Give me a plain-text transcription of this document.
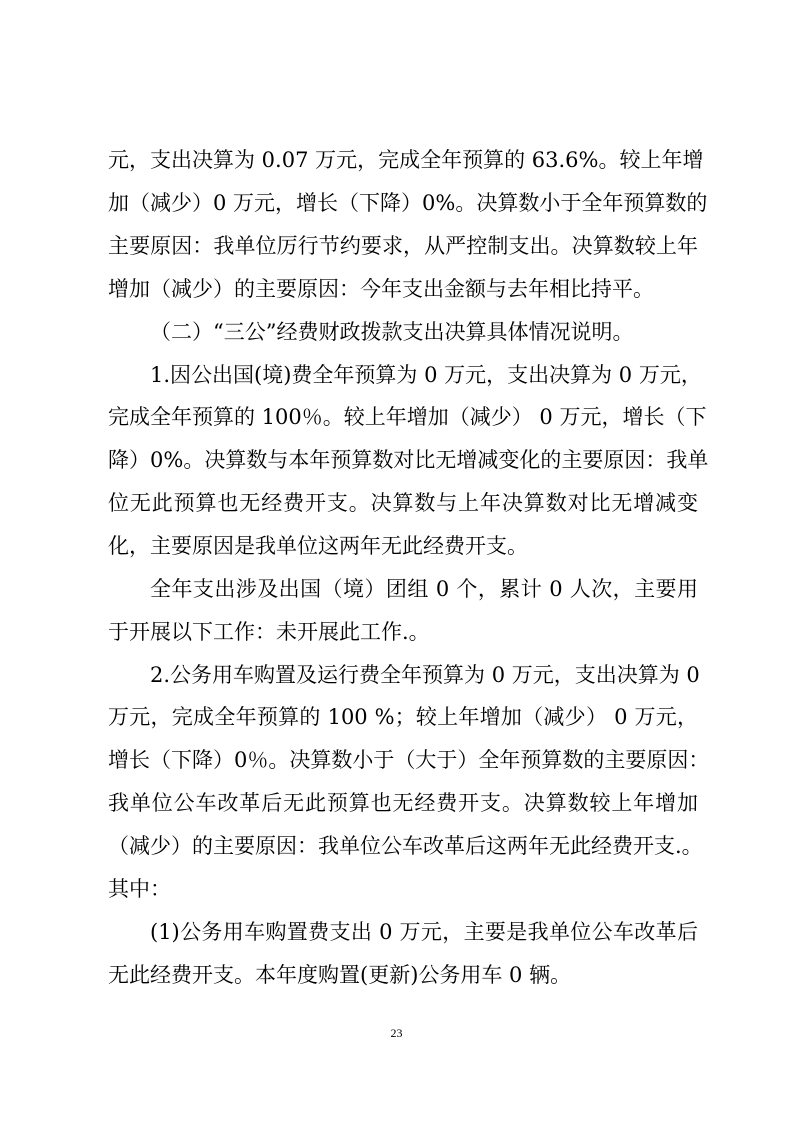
元，支出决算为 0.07 万元，完成全年预算的 63.6%。较上年增
加（减少）0 万元，增长（下降）0%。决算数小于全年预算数的
主要原因：我单位厉行节约要求，从严控制支出。决算数较上年
增加（减少）的主要原因：今年支出金额与去年相比持平。
（二）“三公”经费财政拨款支出决算具体情况说明。
1.因公出国(境)费全年预算为 0 万元，支出决算为 0 万元，
完成全年预算的 100％。较上年增加（减少） 0 万元，增长（下
降）0%。决算数与本年预算数对比无增减变化的主要原因：我单
位无此预算也无经费开支。决算数与上年决算数对比无增减变
化，主要原因是我单位这两年无此经费开支。
全年支出涉及出国（境）团组 0 个，累计 0 人次，主要用
于开展以下工作：未开展此工作.。
2.公务用车购置及运行费全年预算为 0 万元，支出决算为 0
万元，完成全年预算的 100 %；较上年增加（减少） 0 万元，
增长（下降）0％。决算数小于（大于）全年预算数的主要原因：
我单位公车改革后无此预算也无经费开支。决算数较上年增加
（减少）的主要原因：我单位公车改革后这两年无此经费开支.。
其中：
(1)公务用车购置费支出 0 万元，主要是我单位公车改革后
无此经费开支。本年度购置(更新)公务用车 0 辆。
23
